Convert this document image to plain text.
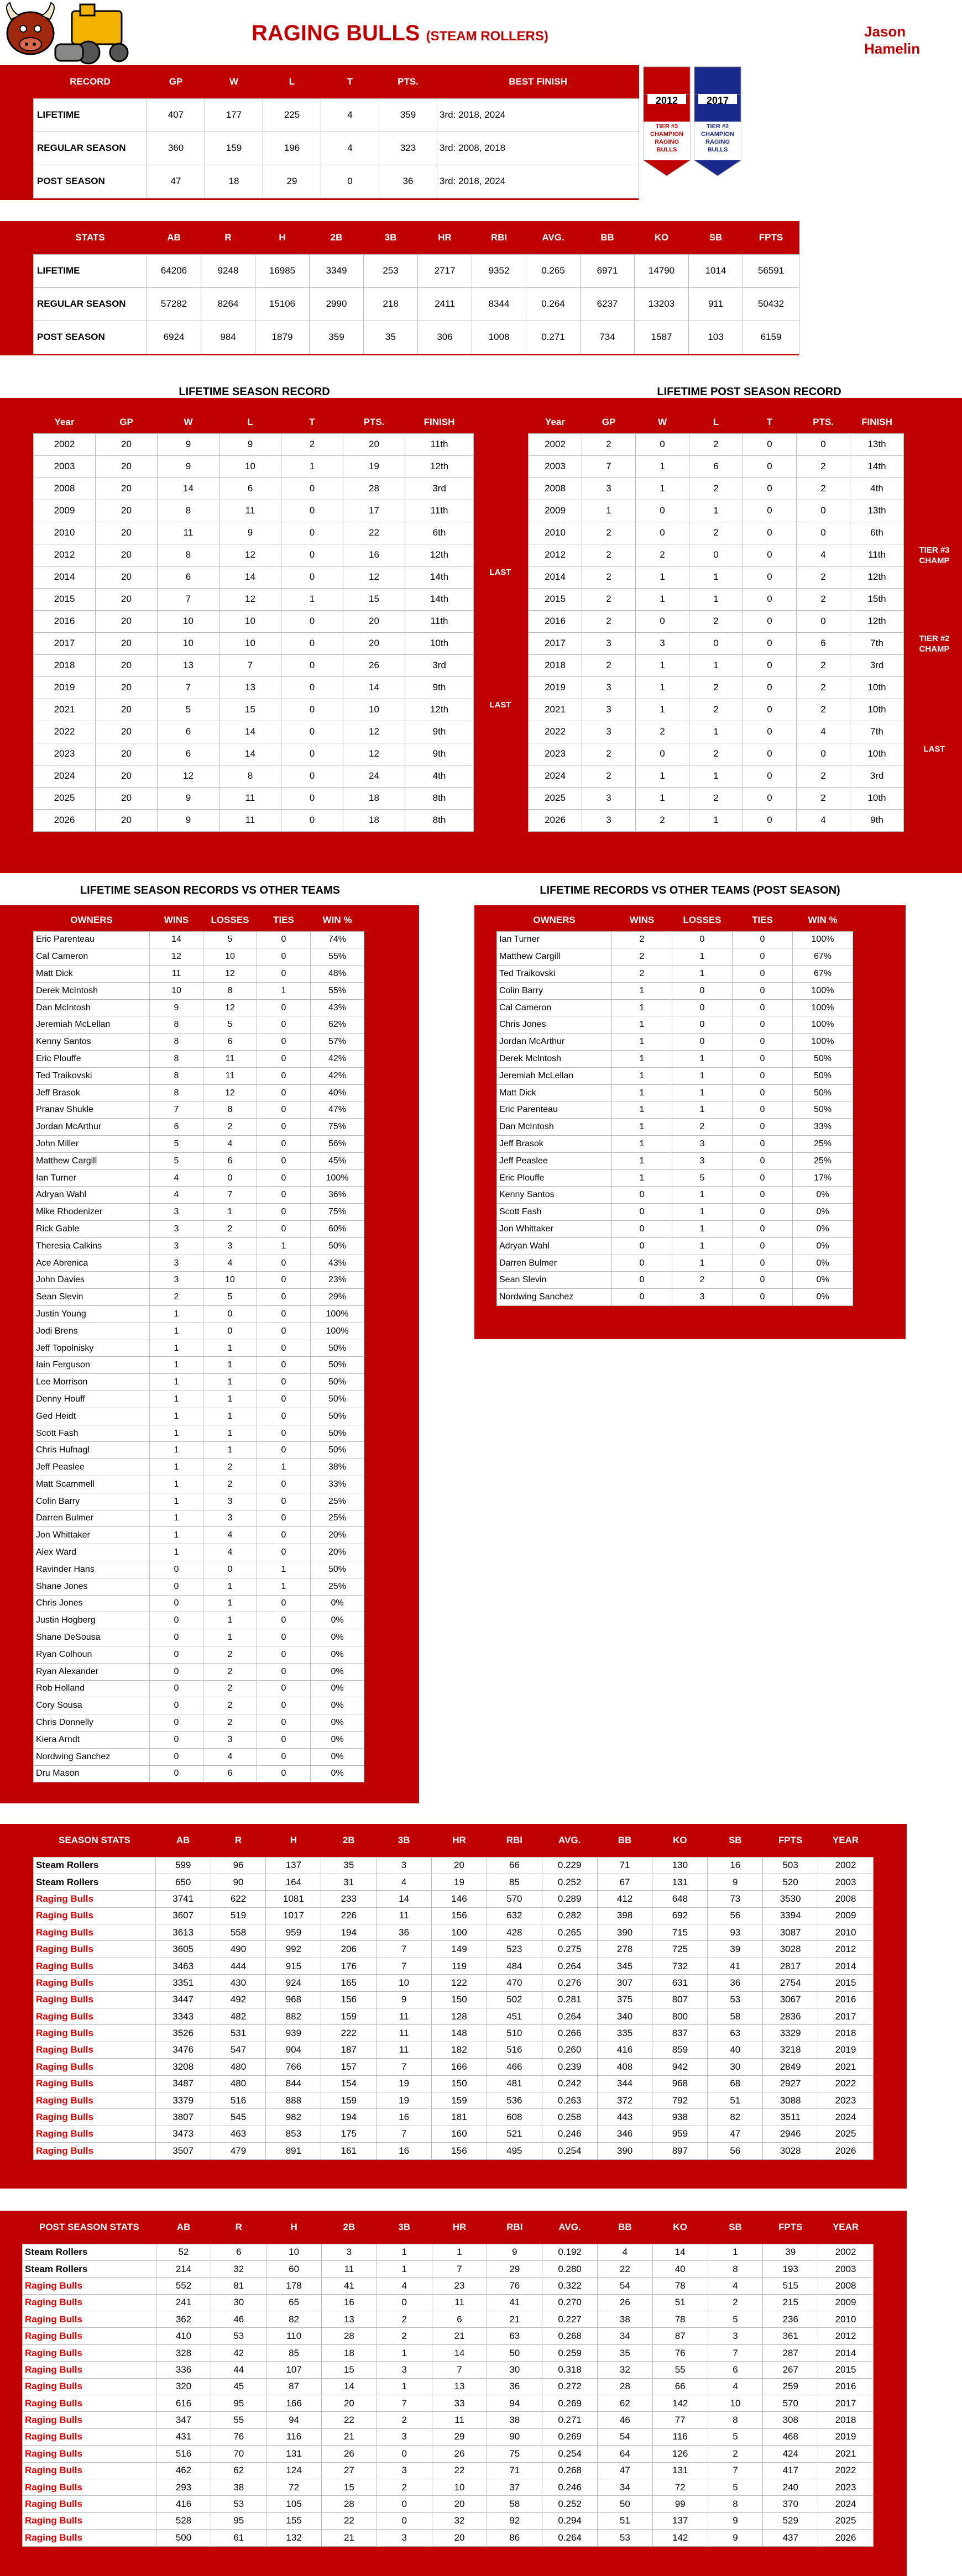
RAGING BULLS (STEAM ROLLERS)	Jason Hamelin
RECORD	GP	W	L	T	PTS.	BEST FINISH
LIFETIME	407	177	225	4	359	3rd: 2018, 2024
REGULAR SEASON	360	159	196	4	323	3rd: 2008, 2018
POST SEASON	47	18	29	0	36	3rd: 2018, 2024
2012
TIER #3 CHAMPION RAGING BULLS
2017
TIER #2 CHAMPION RAGING BULLS
STATS	AB	R	H	2B	3B	HR	RBI	AVG.	BB	KO	SB	FPTS
LIFETIME	64206	9248	16985	3349	253	2717	9352	0.265	6971	14790	1014	56591
REGULAR SEASON	57282	8264	15106	2990	218	2411	8344	0.264	6237	13203	911	50432
POST SEASON	6924	984	1879	359	35	306	1008	0.271	734	1587	103	6159
LIFETIME SEASON RECORD	LIFETIME POST SEASON RECORD
Year	GP	W	L	T	PTS.	FINISH
2002	20	9	9	2	20	11th
2003	20	9	10	1	19	12th
2008	20	14	6	0	28	3rd
2009	20	8	11	0	17	11th
2010	20	11	9	0	22	6th
2012	20	8	12	0	16	12th
2014	20	6	14	0	12	14th
2015	20	7	12	1	15	14th
2016	20	10	10	0	20	11th
2017	20	10	10	0	20	10th
2018	20	13	7	0	26	3rd
2019	20	7	13	0	14	9th
2021	20	5	15	0	10	12th
2022	20	6	14	0	12	9th
2023	20	6	14	0	12	9th
2024	20	12	8	0	24	4th
2025	20	9	11	0	18	8th
2026	20	9	11	0	18	8th
Year	GP	W	L	T	PTS.	FINISH
2002	2	0	2	0	0	13th
2003	7	1	6	0	2	14th
2008	3	1	2	0	2	4th
2009	1	0	1	0	0	13th
2010	2	0	2	0	0	6th
2012	2	2	0	0	4	11th
2014	2	1	1	0	2	12th
2015	2	1	1	0	2	15th
2016	2	0	2	0	0	12th
2017	3	3	0	0	6	7th
2018	2	1	1	0	2	3rd
2019	3	1	2	0	2	10th
2021	3	1	2	0	2	10th
2022	3	2	1	0	4	7th
2023	2	0	2	0	0	10th
2024	2	1	1	0	2	3rd
2025	3	1	2	0	2	10th
2026	3	2	1	0	4	9th
LAST
LAST
TIER #3 CHAMP
TIER #2 CHAMP
LAST
LIFETIME SEASON RECORDS VS OTHER TEAMS	LIFETIME RECORDS VS OTHER TEAMS (POST SEASON)
OWNERS	WINS	LOSSES	TIES	WIN %
Eric Parenteau	14	5	0	74%
Cal Cameron	12	10	0	55%
Matt Dick	11	12	0	48%
Derek McIntosh	10	8	1	55%
Dan McIntosh	9	12	0	43%
Jeremiah McLellan	8	5	0	62%
Kenny Santos	8	6	0	57%
Eric Plouffe	8	11	0	42%
Ted Traikovski	8	11	0	42%
Jeff Brasok	8	12	0	40%
Pranav Shukle	7	8	0	47%
Jordan McArthur	6	2	0	75%
John Miller	5	4	0	56%
Matthew Cargill	5	6	0	45%
Ian Turner	4	0	0	100%
Adryan Wahl	4	7	0	36%
Mike Rhodenizer	3	1	0	75%
Rick Gable	3	2	0	60%
Theresia Calkins	3	3	1	50%
Ace Abrenica	3	4	0	43%
John Davies	3	10	0	23%
Sean Slevin	2	5	0	29%
Justin Young	1	0	0	100%
Jodi Brens	1	0	0	100%
Jeff Topolnisky	1	1	0	50%
Iain Ferguson	1	1	0	50%
Lee Morrison	1	1	0	50%
Denny Houff	1	1	0	50%
Ged Heidt	1	1	0	50%
Scott Fash	1	1	0	50%
Chris Hufnagl	1	1	0	50%
Jeff Peaslee	1	2	1	38%
Matt Scammell	1	2	0	33%
Colin Barry	1	3	0	25%
Darren Bulmer	1	3	0	25%
Jon Whittaker	1	4	0	20%
Alex Ward	1	4	0	20%
Ravinder Hans	0	0	1	50%
Shane Jones	0	1	1	25%
Chris Jones	0	1	0	0%
Justin Hogberg	0	1	0	0%
Shane DeSousa	0	1	0	0%
Ryan Colhoun	0	2	0	0%
Ryan Alexander	0	2	0	0%
Rob Holland	0	2	0	0%
Cory Sousa	0	2	0	0%
Chris Donnelly	0	2	0	0%
Kiera Arndt	0	3	0	0%
Nordwing Sanchez	0	4	0	0%
Dru Mason	0	6	0	0%
OWNERS	WINS	LOSSES	TIES	WIN %
Ian Turner	2	0	0	100%
Matthew Cargill	2	1	0	67%
Ted Traikovski	2	1	0	67%
Colin Barry	1	0	0	100%
Cal Cameron	1	0	0	100%
Chris Jones	1	0	0	100%
Jordan McArthur	1	0	0	100%
Derek McIntosh	1	1	0	50%
Jeremiah McLellan	1	1	0	50%
Matt Dick	1	1	0	50%
Eric Parenteau	1	1	0	50%
Dan McIntosh	1	2	0	33%
Jeff Brasok	1	3	0	25%
Jeff Peaslee	1	3	0	25%
Eric Plouffe	1	5	0	17%
Kenny Santos	0	1	0	0%
Scott Fash	0	1	0	0%
Jon Whittaker	0	1	0	0%
Adryan Wahl	0	1	0	0%
Darren Bulmer	0	1	0	0%
Sean Slevin	0	2	0	0%
Nordwing Sanchez	0	3	0	0%
SEASON STATS	AB	R	H	2B	3B	HR	RBI	AVG.	BB	KO	SB	FPTS	YEAR
Steam Rollers	599	96	137	35	3	20	66	0.229	71	130	16	503	2002
Steam Rollers	650	90	164	31	4	19	85	0.252	67	131	9	520	2003
Raging Bulls	3741	622	1081	233	14	146	570	0.289	412	648	73	3530	2008
Raging Bulls	3607	519	1017	226	11	156	632	0.282	398	692	56	3394	2009
Raging Bulls	3613	558	959	194	36	100	428	0.265	390	715	93	3087	2010
Raging Bulls	3605	490	992	206	7	149	523	0.275	278	725	39	3028	2012
Raging Bulls	3463	444	915	176	7	119	484	0.264	345	732	41	2817	2014
Raging Bulls	3351	430	924	165	10	122	470	0.276	307	631	36	2754	2015
Raging Bulls	3447	492	968	156	9	150	502	0.281	375	807	53	3067	2016
Raging Bulls	3343	482	882	159	11	128	451	0.264	340	800	58	2836	2017
Raging Bulls	3526	531	939	222	11	148	510	0.266	335	837	63	3329	2018
Raging Bulls	3476	547	904	187	11	182	516	0.260	416	859	40	3218	2019
Raging Bulls	3208	480	766	157	7	166	466	0.239	408	942	30	2849	2021
Raging Bulls	3487	480	844	154	19	150	481	0.242	344	968	68	2927	2022
Raging Bulls	3379	516	888	159	19	159	536	0.263	372	792	51	3088	2023
Raging Bulls	3807	545	982	194	16	181	608	0.258	443	938	82	3511	2024
Raging Bulls	3473	463	853	175	7	160	521	0.246	346	959	47	2946	2025
Raging Bulls	3507	479	891	161	16	156	495	0.254	390	897	56	3028	2026
POST SEASON STATS	AB	R	H	2B	3B	HR	RBI	AVG.	BB	KO	SB	FPTS	YEAR
Steam Rollers	52	6	10	3	1	1	9	0.192	4	14	1	39	2002
Steam Rollers	214	32	60	11	1	7	29	0.280	22	40	8	193	2003
Raging Bulls	552	81	178	41	4	23	76	0.322	54	78	4	515	2008
Raging Bulls	241	30	65	16	0	11	41	0.270	26	51	2	215	2009
Raging Bulls	362	46	82	13	2	6	21	0.227	38	78	5	236	2010
Raging Bulls	410	53	110	28	2	21	63	0.268	34	87	3	361	2012
Raging Bulls	328	42	85	18	1	14	50	0.259	35	76	7	287	2014
Raging Bulls	336	44	107	15	3	7	30	0.318	32	55	6	267	2015
Raging Bulls	320	45	87	14	1	13	36	0.272	28	66	4	259	2016
Raging Bulls	616	95	166	20	7	33	94	0.269	62	142	10	570	2017
Raging Bulls	347	55	94	22	2	11	38	0.271	46	77	8	308	2018
Raging Bulls	431	76	116	21	3	29	90	0.269	54	116	5	468	2019
Raging Bulls	516	70	131	26	0	26	75	0.254	64	126	2	424	2021
Raging Bulls	462	62	124	27	3	22	71	0.268	47	131	7	417	2022
Raging Bulls	293	38	72	15	2	10	37	0.246	34	72	5	240	2023
Raging Bulls	416	53	105	28	0	20	58	0.252	50	99	8	370	2024
Raging Bulls	528	95	155	22	0	32	92	0.294	51	137	9	529	2025
Raging Bulls	500	61	132	21	3	20	86	0.264	53	142	9	437	2026
